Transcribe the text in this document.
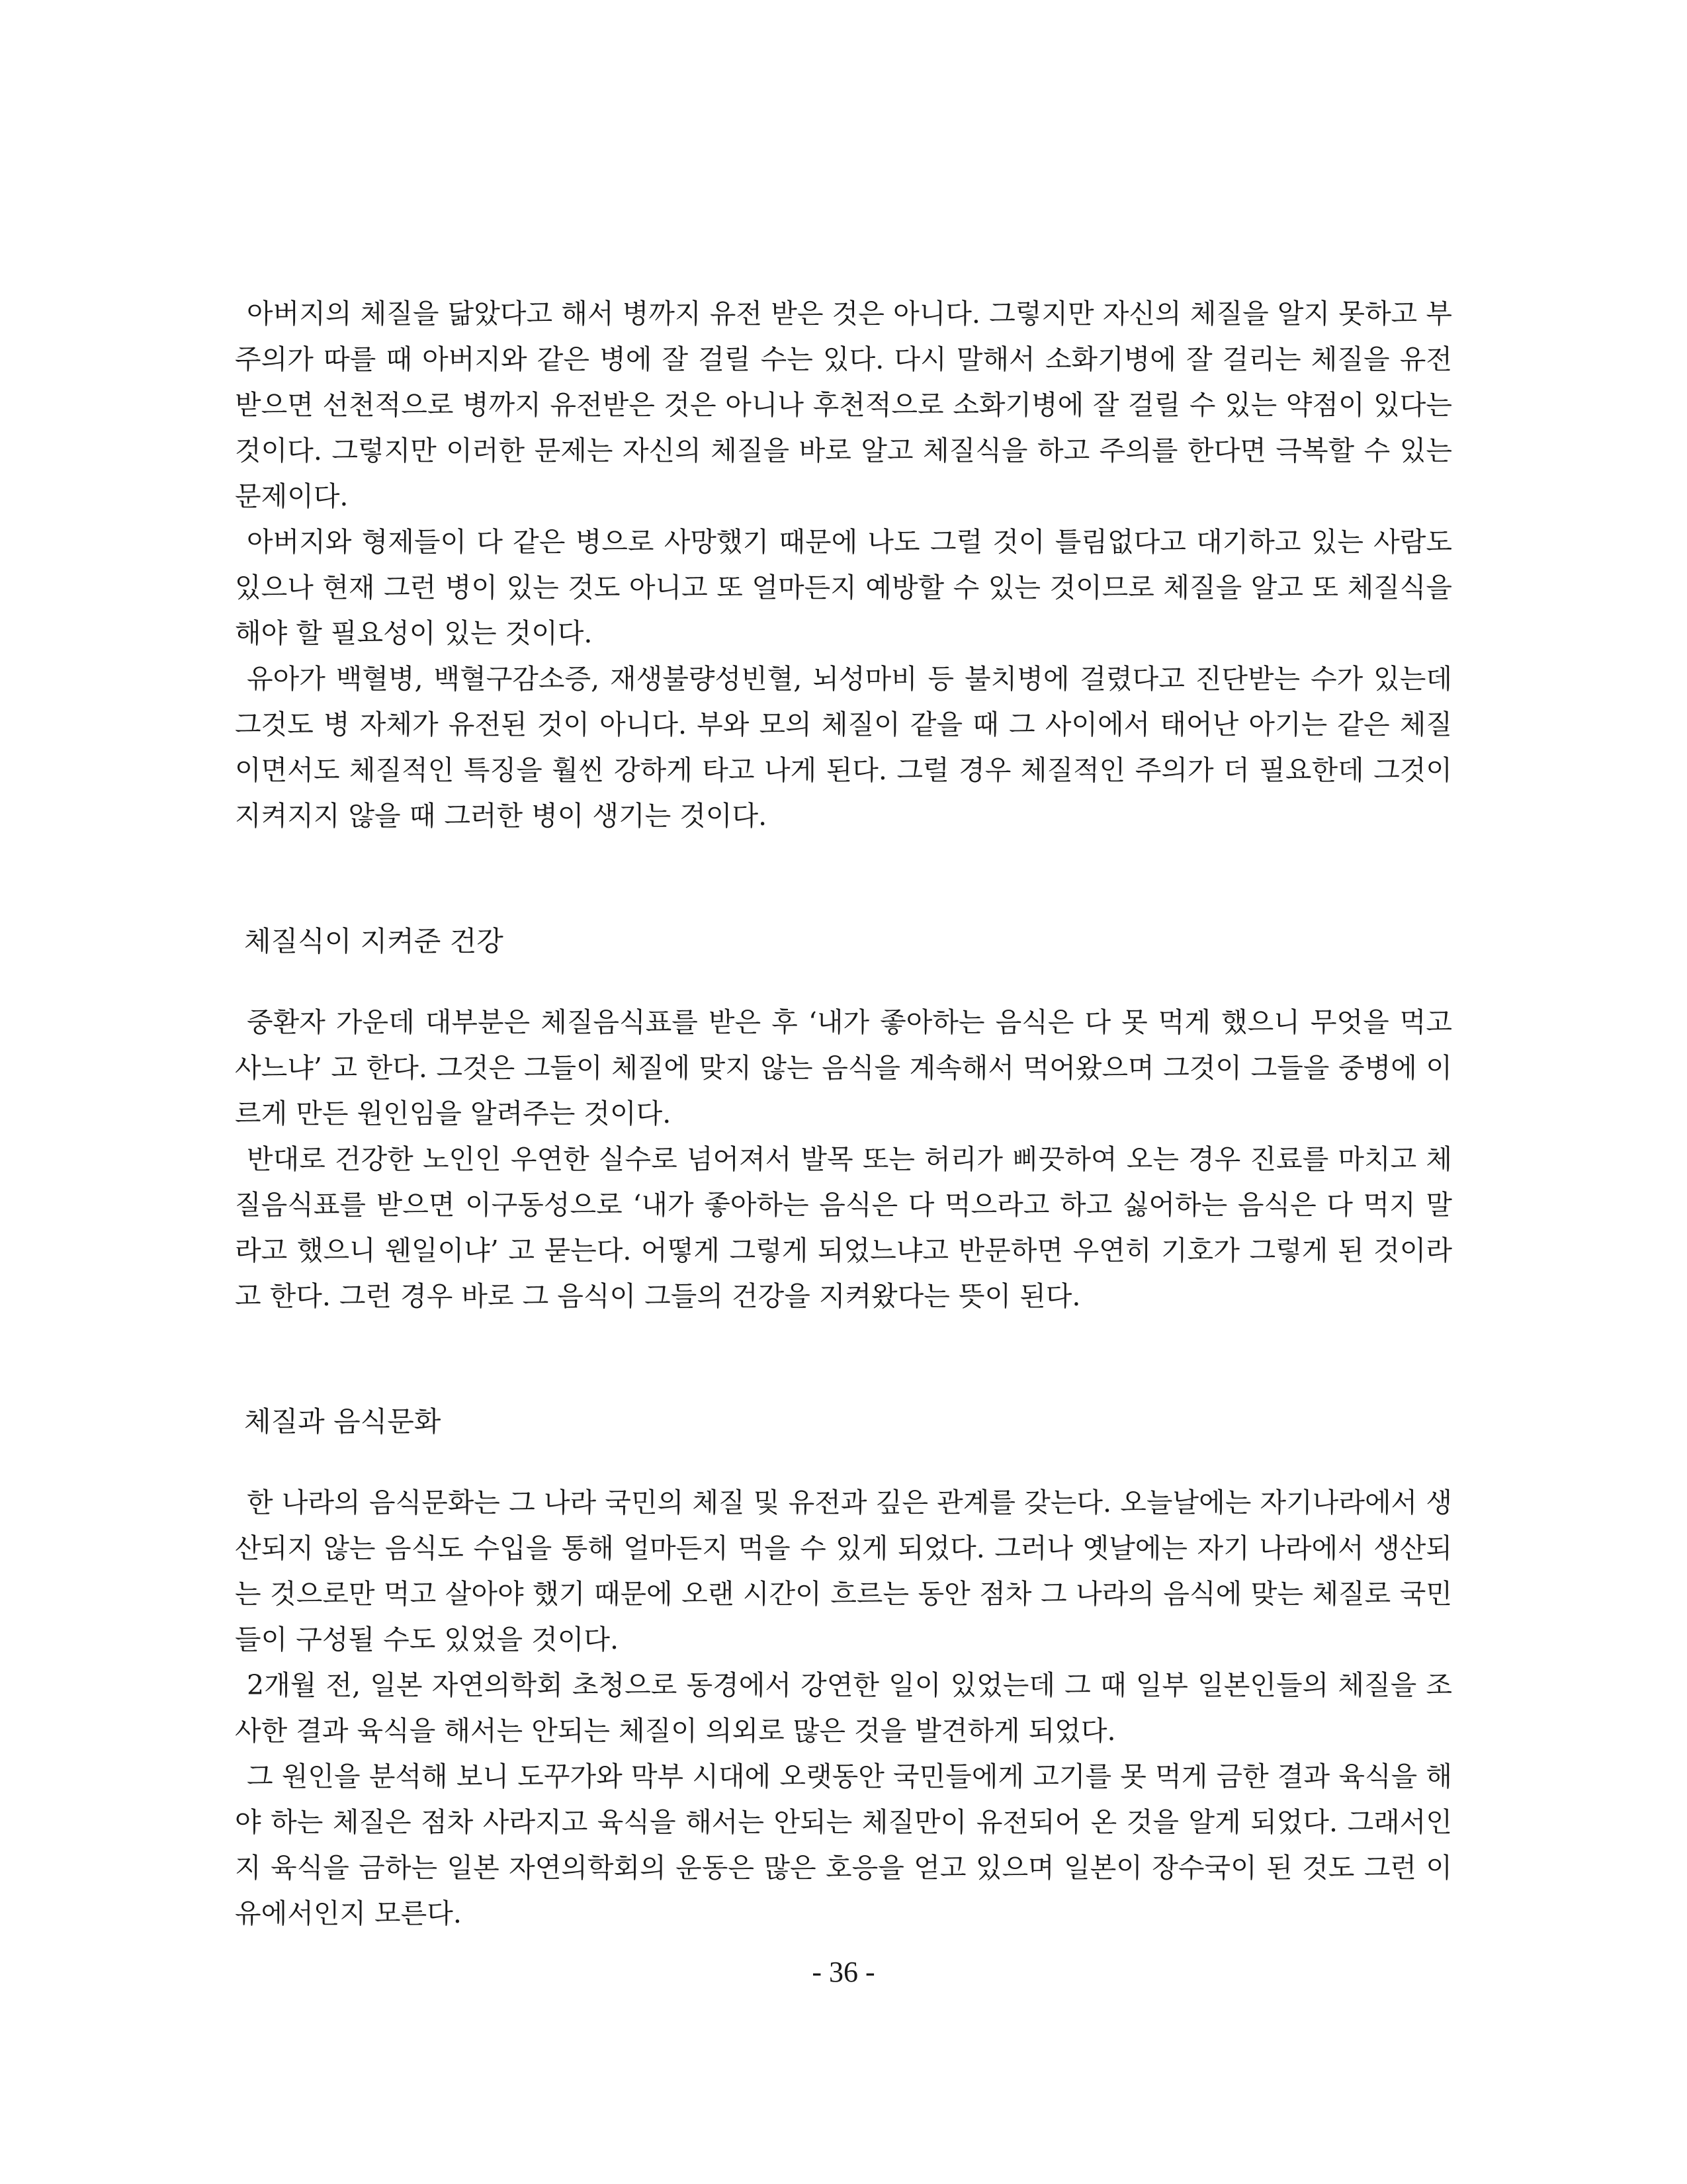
아버지의 체질을 닮았다고 해서 병까지 유전 받은 것은 아니다. 그렇지만 자신의 체질을 알지 못하고 부주의가 따를 때 아버지와 같은 병에 잘 걸릴 수는 있다. 다시 말해서 소화기병에 잘 걸리는 체질을 유전 받으면 선천적으로 병까지 유전받은 것은 아니나 후천적으로 소화기병에 잘 걸릴 수 있는 약점이 있다는 것이다. 그렇지만 이러한 문제는 자신의 체질을 바로 알고 체질식을 하고 주의를 한다면 극복할 수 있는 문제이다.

아버지와 형제들이 다 같은 병으로 사망했기 때문에 나도 그럴 것이 틀림없다고 대기하고 있는 사람도 있으나 현재 그런 병이 있는 것도 아니고 또 얼마든지 예방할 수 있는 것이므로 체질을 알고 또 체질식을 해야 할 필요성이 있는 것이다.

유아가 백혈병, 백혈구감소증, 재생불량성빈혈, 뇌성마비 등 불치병에 걸렸다고 진단받는 수가 있는데 그것도 병 자체가 유전된 것이 아니다. 부와 모의 체질이 같을 때 그 사이에서 태어난 아기는 같은 체질이면서도 체질적인 특징을 훨씬 강하게 타고 나게 된다. 그럴 경우 체질적인 주의가 더 필요한데 그것이 지켜지지 않을 때 그러한 병이 생기는 것이다.

체질식이 지켜준 건강

중환자 가운데 대부분은 체질음식표를 받은 후 ‘내가 좋아하는 음식은 다 못 먹게 했으니 무엇을 먹고 사느냐’ 고 한다. 그것은 그들이 체질에 맞지 않는 음식을 계속해서 먹어왔으며 그것이 그들을 중병에 이르게 만든 원인임을 알려주는 것이다.

반대로 건강한 노인인 우연한 실수로 넘어져서 발목 또는 허리가 삐끗하여 오는 경우 진료를 마치고 체질음식표를 받으면 이구동성으로 ‘내가 좋아하는 음식은 다 먹으라고 하고 싫어하는 음식은 다 먹지 말라고 했으니 웬일이냐’ 고 묻는다. 어떻게 그렇게 되었느냐고 반문하면 우연히 기호가 그렇게 된 것이라고 한다. 그런 경우 바로 그 음식이 그들의 건강을 지켜왔다는 뜻이 된다.

체질과 음식문화

한 나라의 음식문화는 그 나라 국민의 체질 및 유전과 깊은 관계를 갖는다. 오늘날에는 자기나라에서 생산되지 않는 음식도 수입을 통해 얼마든지 먹을 수 있게 되었다. 그러나 옛날에는 자기 나라에서 생산되는 것으로만 먹고 살아야 했기 때문에 오랜 시간이 흐르는 동안 점차 그 나라의 음식에 맞는 체질로 국민들이 구성될 수도 있었을 것이다.

2개월 전, 일본 자연의학회 초청으로 동경에서 강연한 일이 있었는데 그 때 일부 일본인들의 체질을 조사한 결과 육식을 해서는 안되는 체질이 의외로 많은 것을 발견하게 되었다.

그 원인을 분석해 보니 도꾸가와 막부 시대에 오랫동안 국민들에게 고기를 못 먹게 금한 결과 육식을 해야 하는 체질은 점차 사라지고 육식을 해서는 안되는 체질만이 유전되어 온 것을 알게 되었다. 그래서인지 육식을 금하는 일본 자연의학회의 운동은 많은 호응을 얻고 있으며 일본이 장수국이 된 것도 그런 이유에서인지 모른다.

- 36 -
